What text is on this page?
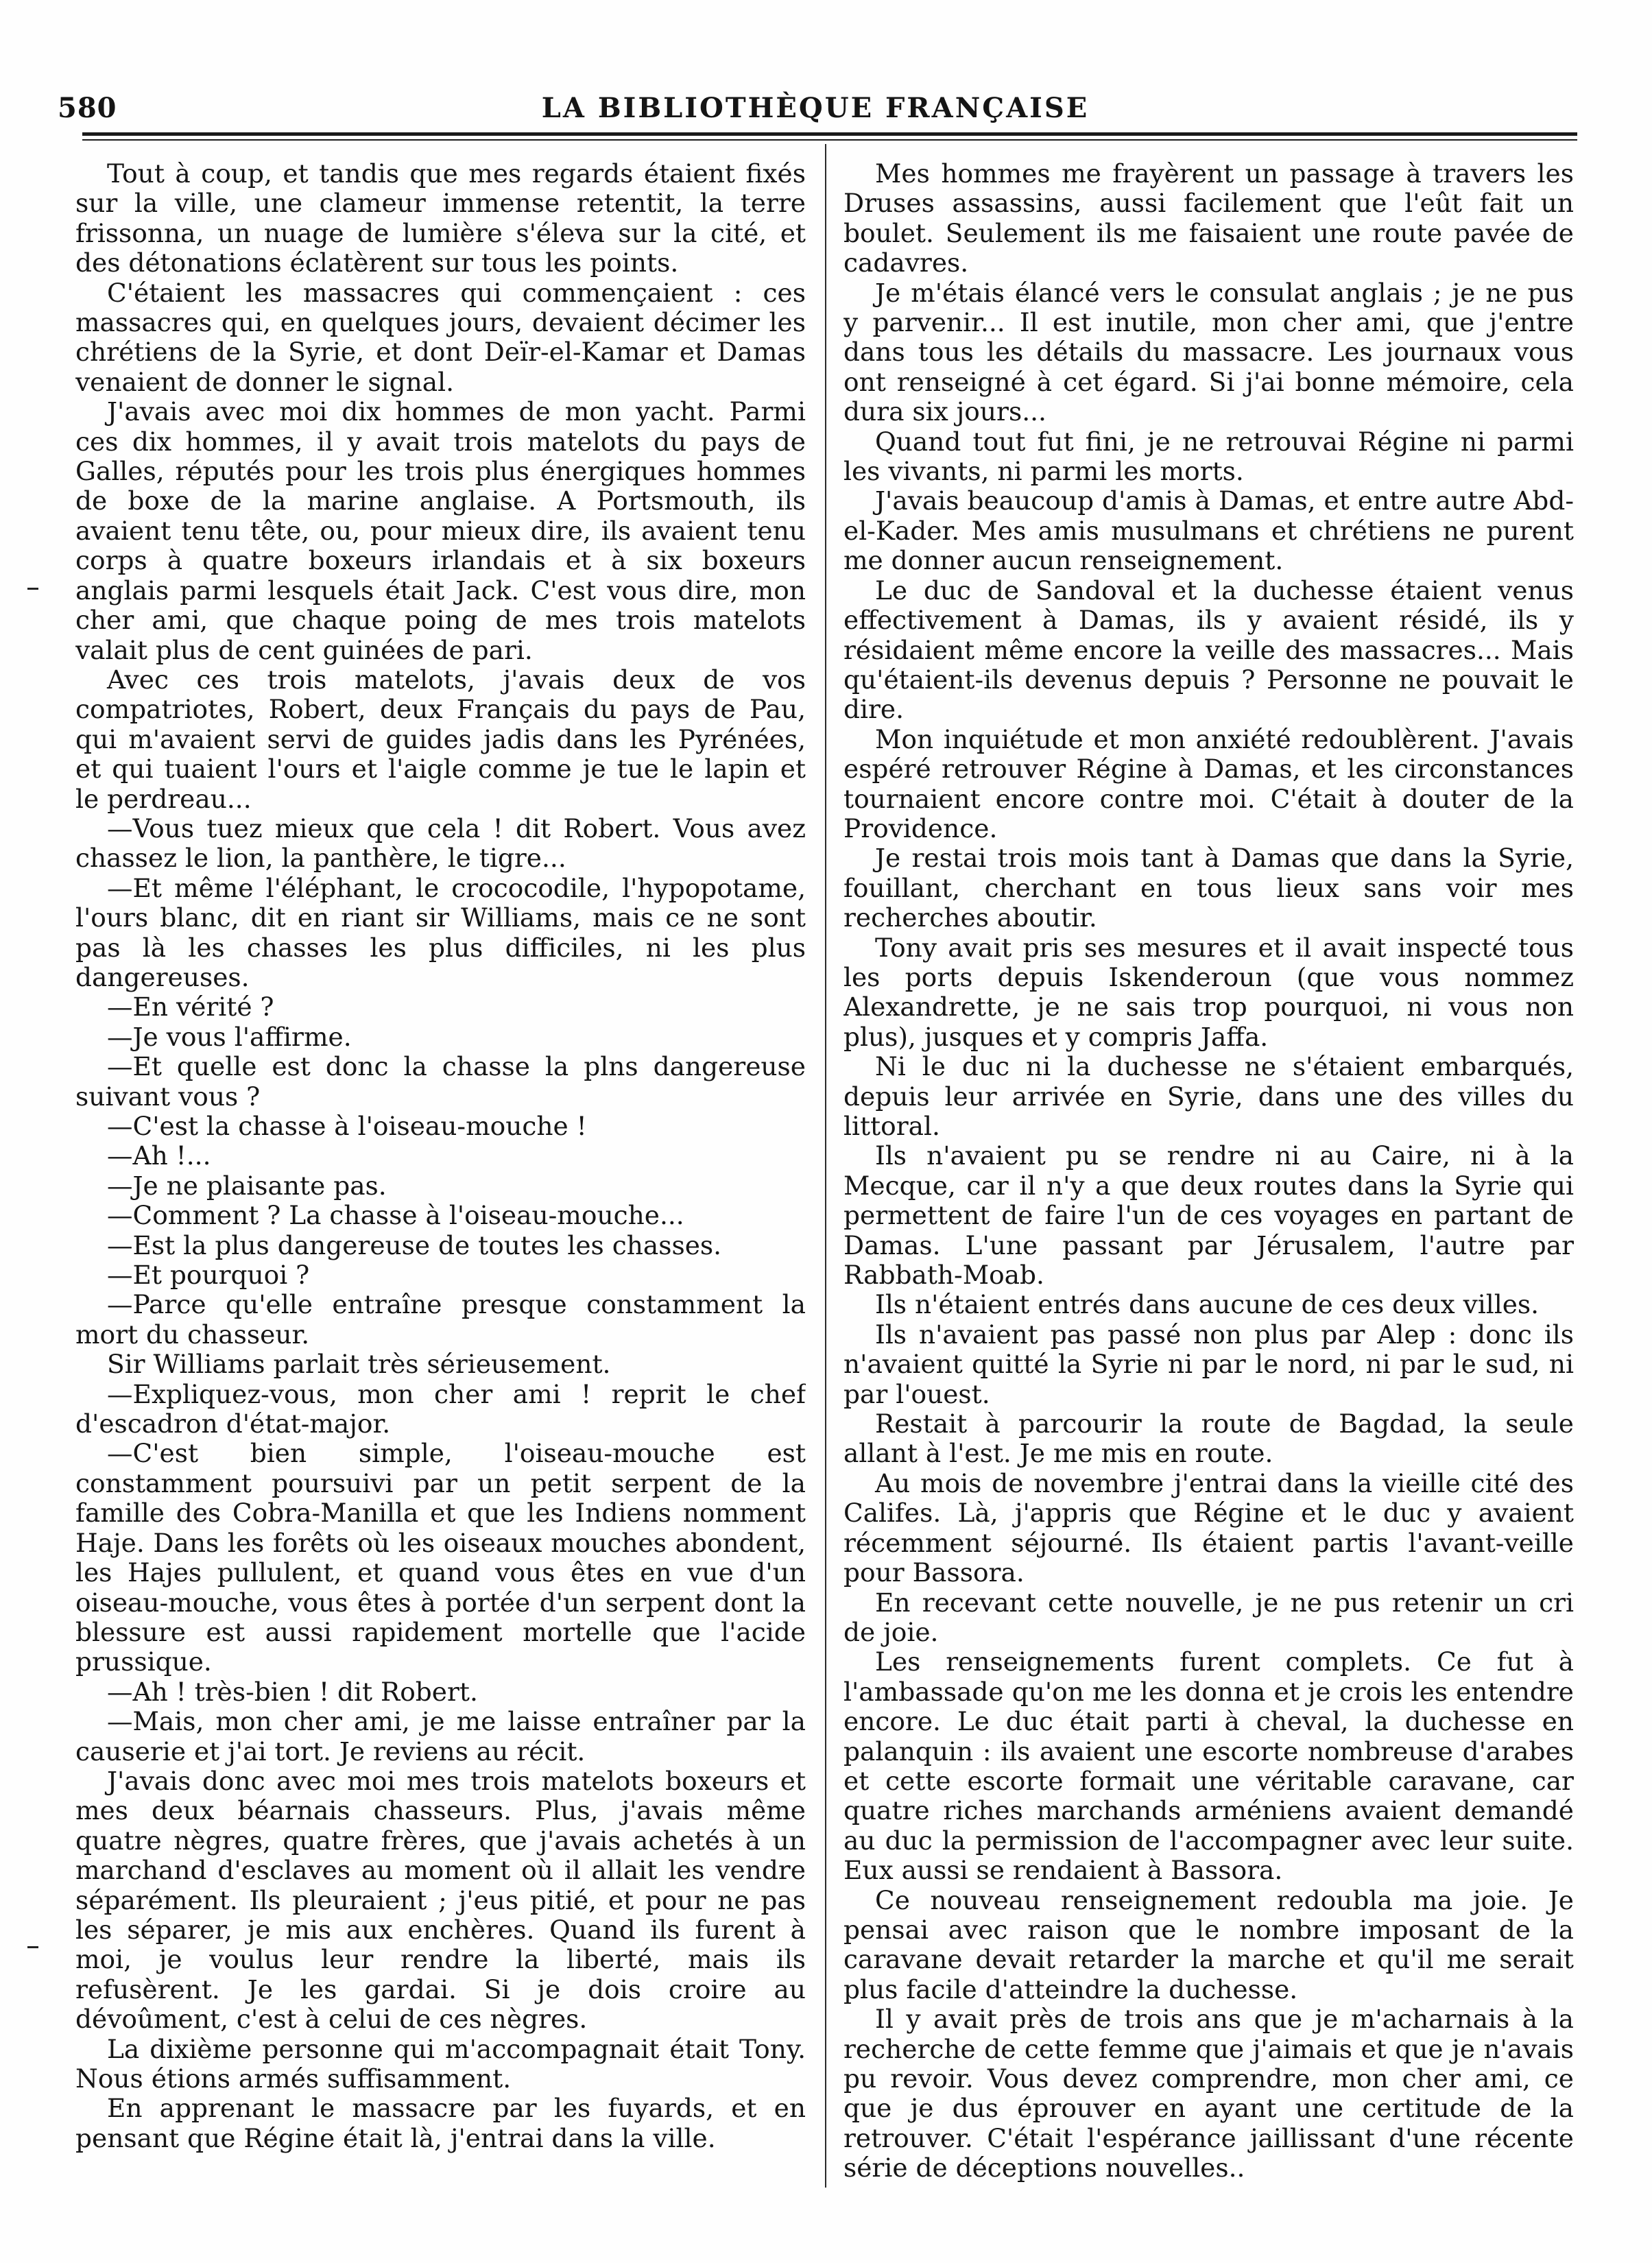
580	LA BIBLIOTHÈQUE FRANÇAISE

Tout à coup, et tandis que mes regards étaient fixés sur la ville, une clameur immense retentit, la terre frissonna, un nuage de lumière s'éleva sur la cité, et des détonations éclatèrent sur tous les points.

C'étaient les massacres qui commençaient : ces massacres qui, en quelques jours, devaient décimer les chrétiens de la Syrie, et dont Deïr-el-Kamar et Damas venaient de donner le signal.

J'avais avec moi dix hommes de mon yacht. Parmi ces dix hommes, il y avait trois matelots du pays de Galles, réputés pour les trois plus énergiques hommes de boxe de la marine anglaise. A Portsmouth, ils avaient tenu tête, ou, pour mieux dire, ils avaient tenu corps à quatre boxeurs irlandais et à six boxeurs anglais parmi lesquels était Jack. C'est vous dire, mon cher ami, que chaque poing de mes trois matelots valait plus de cent guinées de pari.

Avec ces trois matelots, j'avais deux de vos compatriotes, Robert, deux Français du pays de Pau, qui m'avaient servi de guides jadis dans les Pyrénées, et qui tuaient l'ours et l'aigle comme je tue le lapin et le perdreau...

—Vous tuez mieux que cela ! dit Robert. Vous avez chassez le lion, la panthère, le tigre...

—Et même l'éléphant, le crococodile, l'hypopotame, l'ours blanc, dit en riant sir Williams, mais ce ne sont pas là les chasses les plus difficiles, ni les plus dangereuses.

—En vérité ?

—Je vous l'affirme.

—Et quelle est donc la chasse la plns dangereuse suivant vous ?

—C'est la chasse à l'oiseau-mouche !

—Ah !...

—Je ne plaisante pas.

—Comment ? La chasse à l'oiseau-mouche...

—Est la plus dangereuse de toutes les chasses.

—Et pourquoi ?

—Parce qu'elle entraîne presque constamment la mort du chasseur.

Sir Williams parlait très sérieusement.

—Expliquez-vous, mon cher ami ! reprit le chef d'escadron d'état-major.

—C'est bien simple, l'oiseau-mouche est constamment poursuivi par un petit serpent de la famille des Cobra-Manilla et que les Indiens nomment Haje. Dans les forêts où les oiseaux mouches abondent, les Hajes pullulent, et quand vous êtes en vue d'un oiseau-mouche, vous êtes à portée d'un serpent dont la blessure est aussi rapidement mortelle que l'acide prussique.

—Ah ! très-bien ! dit Robert.

—Mais, mon cher ami, je me laisse entraîner par la causerie et j'ai tort. Je reviens au récit.

J'avais donc avec moi mes trois matelots boxeurs et mes deux béarnais chasseurs. Plus, j'avais même quatre nègres, quatre frères, que j'avais achetés à un marchand d'esclaves au moment où il allait les vendre séparément. Ils pleuraient ; j'eus pitié, et pour ne pas les séparer, je mis aux enchères. Quand ils furent à moi, je voulus leur rendre la liberté, mais ils refusèrent. Je les gardai. Si je dois croire au dévoûment, c'est à celui de ces nègres.

La dixième personne qui m'accompagnait était Tony. Nous étions armés suffisamment.

En apprenant le massacre par les fuyards, et en pensant que Régine était là, j'entrai dans la ville.

Mes hommes me frayèrent un passage à travers les Druses assassins, aussi facilement que l'eût fait un boulet. Seulement ils me faisaient une route pavée de cadavres.

Je m'étais élancé vers le consulat anglais ; je ne pus y parvenir... Il est inutile, mon cher ami, que j'entre dans tous les détails du massacre. Les journaux vous ont renseigné à cet égard. Si j'ai bonne mémoire, cela dura six jours...

Quand tout fut fini, je ne retrouvai Régine ni parmi les vivants, ni parmi les morts.

J'avais beaucoup d'amis à Damas, et entre autre Abd-el-Kader. Mes amis musulmans et chrétiens ne purent me donner aucun renseignement.

Le duc de Sandoval et la duchesse étaient venus effectivement à Damas, ils y avaient résidé, ils y résidaient même encore la veille des massacres... Mais qu'étaient-ils devenus depuis ? Personne ne pouvait le dire.

Mon inquiétude et mon anxiété redoublèrent. J'avais espéré retrouver Régine à Damas, et les circonstances tournaient encore contre moi. C'était à douter de la Providence.

Je restai trois mois tant à Damas que dans la Syrie, fouillant, cherchant en tous lieux sans voir mes recherches aboutir.

Tony avait pris ses mesures et il avait inspecté tous les ports depuis Iskenderoun (que vous nommez Alexandrette, je ne sais trop pourquoi, ni vous non plus), jusques et y compris Jaffa.

Ni le duc ni la duchesse ne s'étaient embarqués, depuis leur arrivée en Syrie, dans une des villes du littoral.

Ils n'avaient pu se rendre ni au Caire, ni à la Mecque, car il n'y a que deux routes dans la Syrie qui permettent de faire l'un de ces voyages en partant de Damas. L'une passant par Jérusalem, l'autre par Rabbath-Moab.

Ils n'étaient entrés dans aucune de ces deux villes.

Ils n'avaient pas passé non plus par Alep : donc ils n'avaient quitté la Syrie ni par le nord, ni par le sud, ni par l'ouest.

Restait à parcourir la route de Bagdad, la seule allant à l'est. Je me mis en route.

Au mois de novembre j'entrai dans la vieille cité des Califes. Là, j'appris que Régine et le duc y avaient récemment séjourné. Ils étaient partis l'avant-veille pour Bassora.

En recevant cette nouvelle, je ne pus retenir un cri de joie.

Les renseignements furent complets. Ce fut à l'ambassade qu'on me les donna et je crois les entendre encore. Le duc était parti à cheval, la duchesse en palanquin : ils avaient une escorte nombreuse d'arabes et cette escorte formait une véritable caravane, car quatre riches marchands arméniens avaient demandé au duc la permission de l'accompagner avec leur suite. Eux aussi se rendaient à Bassora.

Ce nouveau renseignement redoubla ma joie. Je pensai avec raison que le nombre imposant de la caravane devait retarder la marche et qu'il me serait plus facile d'atteindre la duchesse.

Il y avait près de trois ans que je m'acharnais à la recherche de cette femme que j'aimais et que je n'avais pu revoir. Vous devez comprendre, mon cher ami, ce que je dus éprouver en ayant une certitude de la retrouver. C'était l'espérance jaillissant d'une récente série de déceptions nouvelles..
